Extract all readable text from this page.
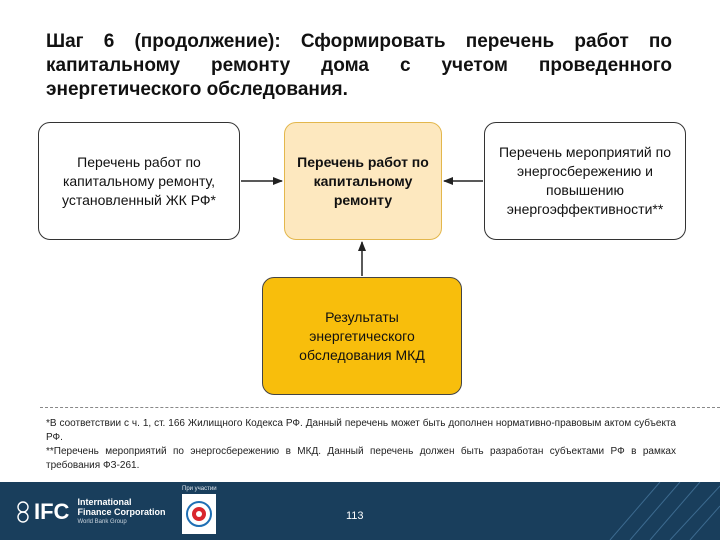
Шаг 6 (продолжение): Сформировать перечень работ по капитальному ремонту дома с учетом проведенного энергетического обследования.
Перечень работ по капитальному ремонту, установленный ЖК РФ*
Перечень работ по капитальному ремонту
Перечень мероприятий по энергосбережению и повышению энергоэффективности**
Результаты энергетического обследования МКД
*В соответствии с ч. 1, ст. 166 Жилищного Кодекса РФ. Данный перечень может быть дополнен нормативно-правовым актом субъекта РФ.
**Перечень мероприятий по энергосбережению в МКД. Данный перечень должен быть разработан субъектами РФ в рамках требования ФЗ-261.
IFC International
Finance Corporation
World Bank Group
При участии
113
